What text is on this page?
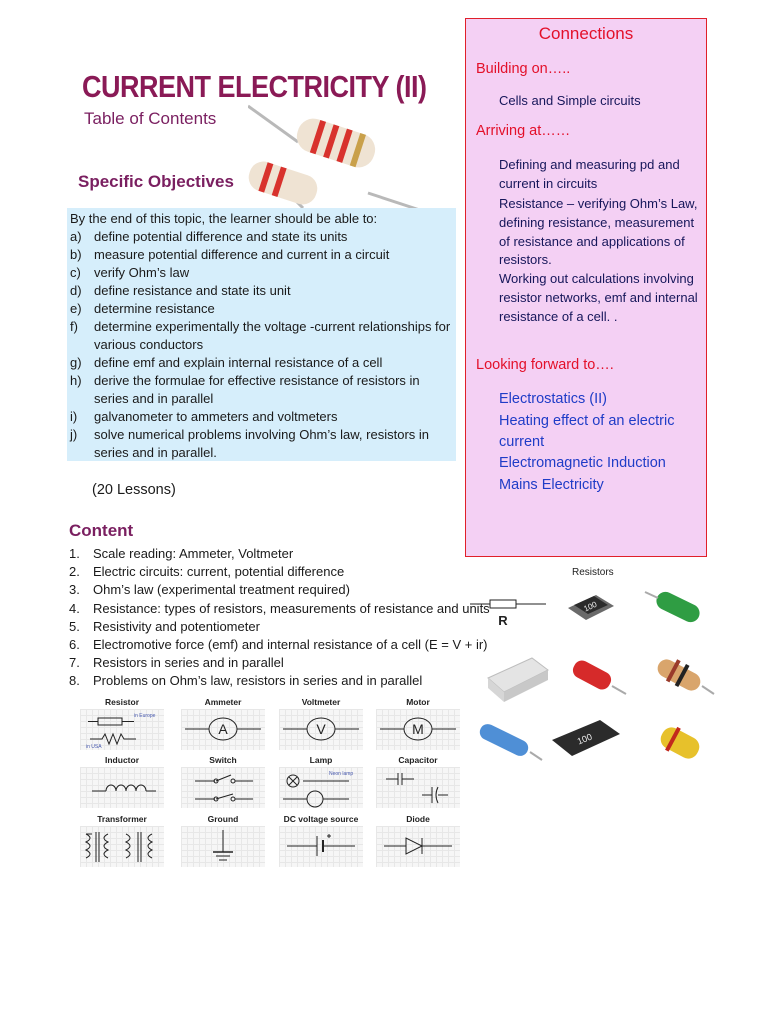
CURRENT ELECTRICITY (II)
Table of Contents
Specific Objectives

By the end of this topic, the learner should be able to:

a) define potential difference and state its units
b) measure potential difference and current in a circuit
c)	verify Ohm’s law
d) define resistance and state its unit
e) determine resistance
f)	determine experimentally the voltage -current relationships for various conductors
g) define emf and explain internal resistance of a cell
h) derive the formulae for effective resistance of resistors in series and in parallel
i)	galvanometer to ammeters and voltmeters
j)	solve numerical problems involving Ohm’s law, resistors in series and in parallel.
(20 Lessons)
Content
1.	Scale reading: Ammeter, Voltmeter
2.	Electric circuits: current, potential difference
3.	Ohm’s law (experimental treatment required)
4.	Resistance: types of resistors, measurements of resistance and units
5.	Resistivity and potentiometer
6.	Electromotive force (emf) and internal resistance of a cell (E = V + ir)
7.	Resistors in series and in parallel
8.	Problems on Ohm’s law, resistors in series and in parallel
Connections
Building on…..
Cells and Simple circuits
Arriving at……
Defining and measuring pd and current in circuits
Resistance – verifying Ohm’s Law, defining resistance, measurement of resistance and applications of resistors.
Working out calculations involving resistor networks, emf and internal resistance of a cell. .
Looking forward to….
Electrostatics (II)
Heating effect of an electric current
Electromagnetic Induction
Mains Electricity
Resistors
R
100
100
Resistor
in Europe
in USA
Ammeter
A
Voltmeter
V
Motor
M
Inductor	Switch	Lamp
Neon lamp
Capacitor
Transformer	Ground	DC voltage source	Diode
